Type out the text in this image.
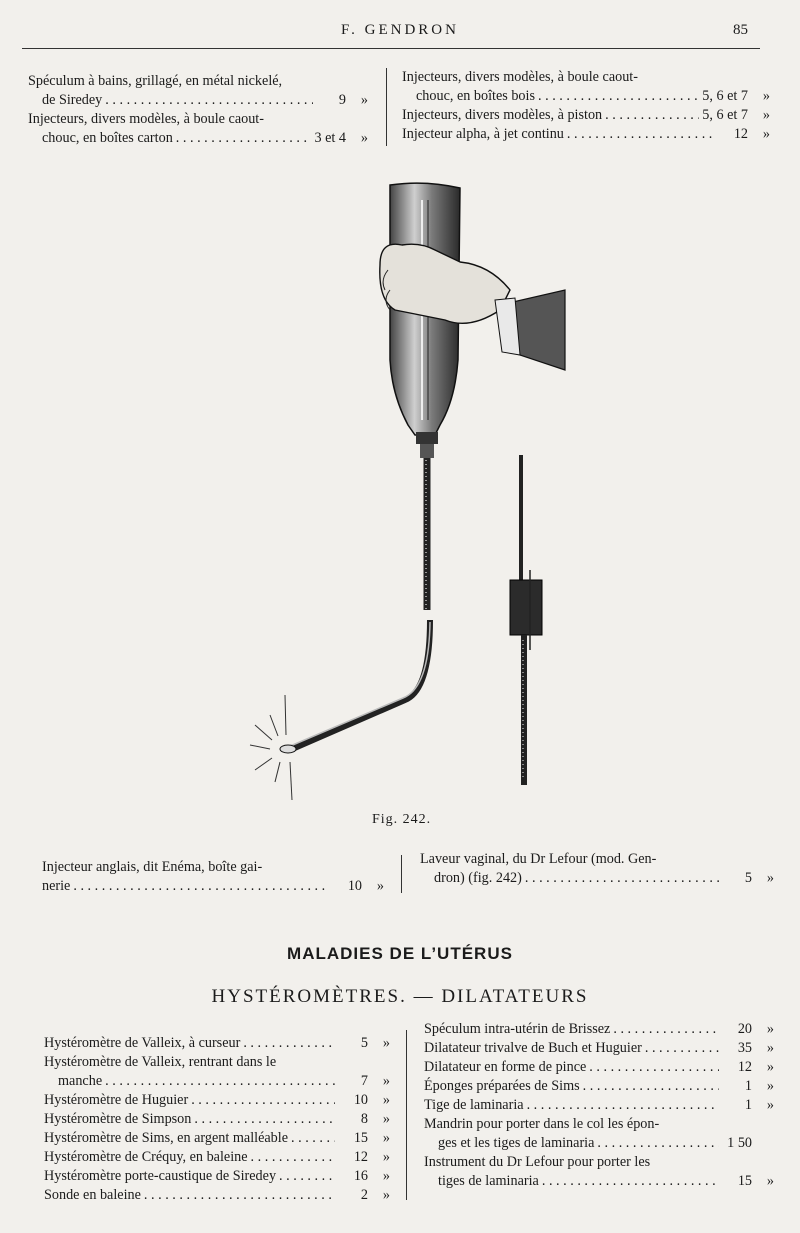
F. GENDRON	85
Spéculum à bains, grillagé, en métal nickelé,
de Siredey . . .	9	»
Injecteurs, divers modèles, à boule caout-
chouc, en boîtes carton . . .	3 et 4	»
Injecteurs, divers modèles, à boule caout-
chouc, en boîtes bois . . .	5, 6 et 7	»
Injecteurs, divers modèles, à piston . . .	5, 6 et 7	»
Injecteur alpha, à jet continu . . .	12	»
Fig. 242.
Injecteur anglais, dit Enéma, boîte gai-
nerie . . .	10	»
Laveur vaginal, du Dr Lefour (mod. Gen-
dron) (fig. 242) . . .	5	»
MALADIES DE L’UTÉRUS
HYSTÉROMÈTRES. — DILATATEURS
Hystéromètre de Valleix, à curseur . . .	5	»
Hystéromètre de Valleix, rentrant dans le
manche . . .	7	»
Hystéromètre de Huguier . . .	10	»
Hystéromètre de Simpson . . .	8	»
Hystéromètre de Sims, en argent malléable . . .	15	»
Hystéromètre de Créquy, en baleine . . .	12	»
Hystéromètre porte-caustique de Siredey . . .	16	»
Sonde en baleine . . .	2	»
Spéculum intra-utérin de Brissez . . .	20	»
Dilatateur trivalve de Buch et Huguier . . .	35	»
Dilatateur en forme de pince . . .	12	»
Éponges préparées de Sims . . .	1	»
Tige de laminaria . . .	1	»
Mandrin pour porter dans le col les épon-
ges et les tiges de laminaria . . .	1 50
Instrument du Dr Lefour pour porter les
tiges de laminaria . . .	15	»
